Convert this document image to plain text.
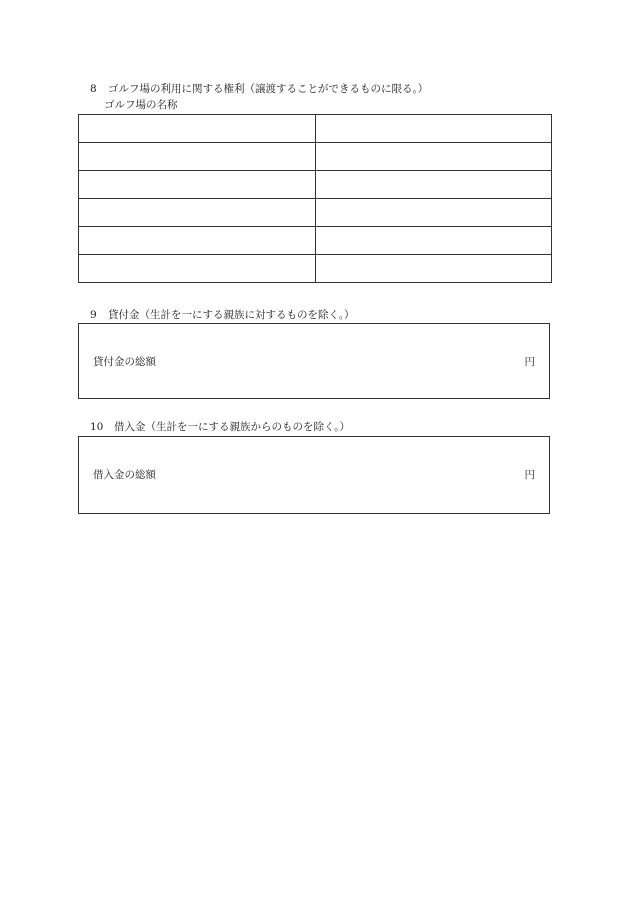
8	ゴルフ場の利用に関する権利（譲渡することができるものに限る。）
ゴルフ場の名称

9	貸付金（生計を一にする親族に対するものを除く。）
貸付金の総額	円
10	借入金（生計を一にする親族からのものを除く。）
借入金の総額	円
